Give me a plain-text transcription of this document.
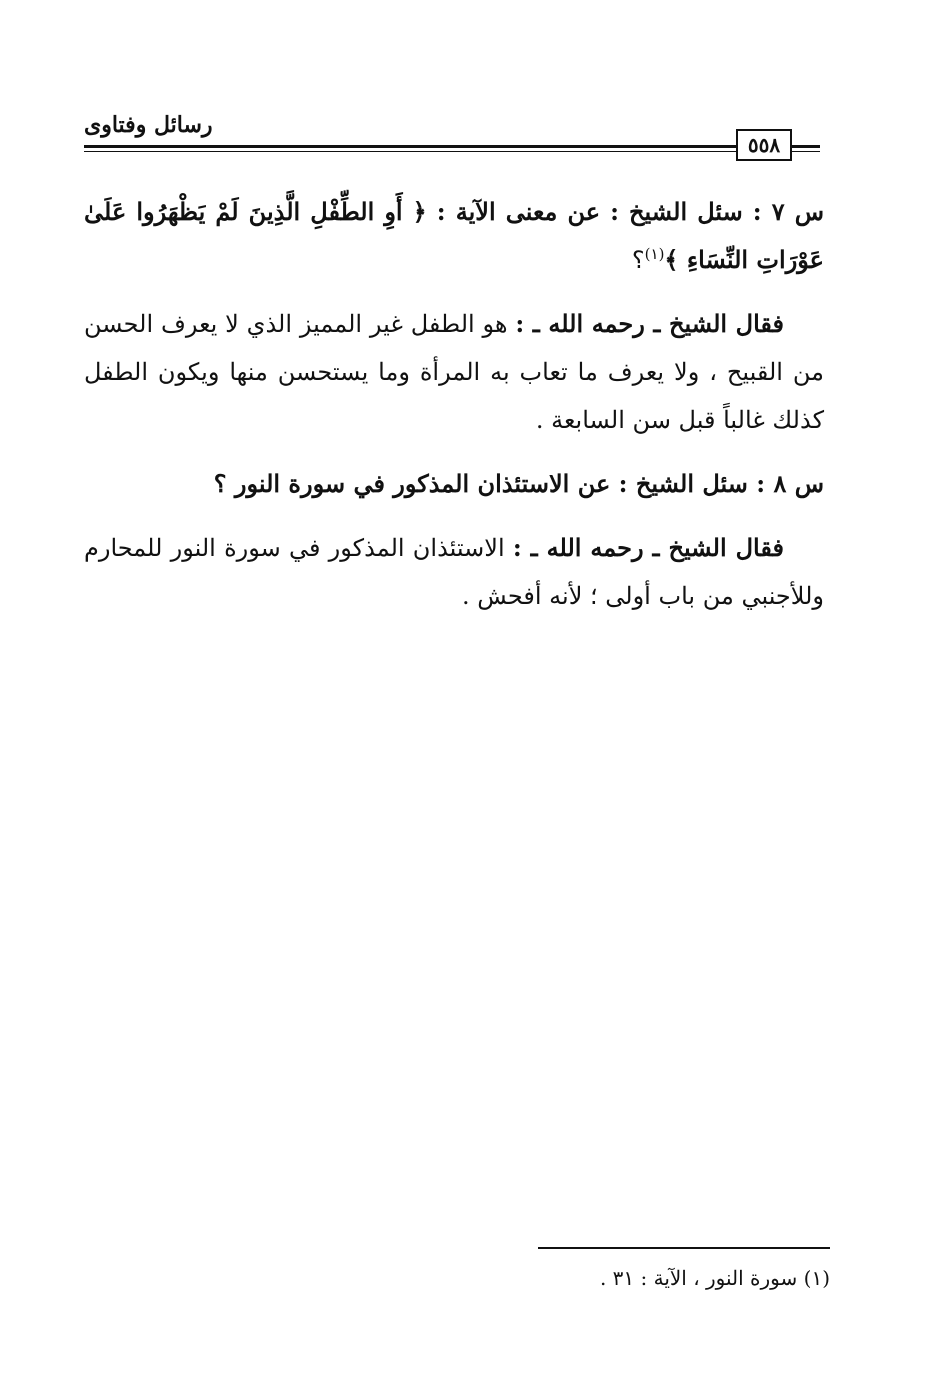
رسائل وفتاوى
٥٥٨

س ٧ : سئل الشيخ : عن معنى الآية : ﴿ أَوِ الطِّفْلِ الَّذِينَ لَمْ يَظْهَرُوا عَلَىٰ عَوْرَاتِ النِّسَاءِ ﴾$^{(١)}$؟

فقال الشيخ ـ رحمه الله ـ : هو الطفل غير المميز الذي لا يعرف الحسن من القبيح ، ولا يعرف ما تعاب به المرأة وما يستحسن منها ويكون الطفل كذلك غالباً قبل سن السابعة .

س ٨ : سئل الشيخ : عن الاستئذان المذكور في سورة النور ؟

فقال الشيخ ـ رحمه الله ـ : الاستئذان المذكور في سورة النور للمحارم وللأجنبي من باب أولى ؛ لأنه أفحش .

(١) سورة النور ، الآية : ٣١ .
